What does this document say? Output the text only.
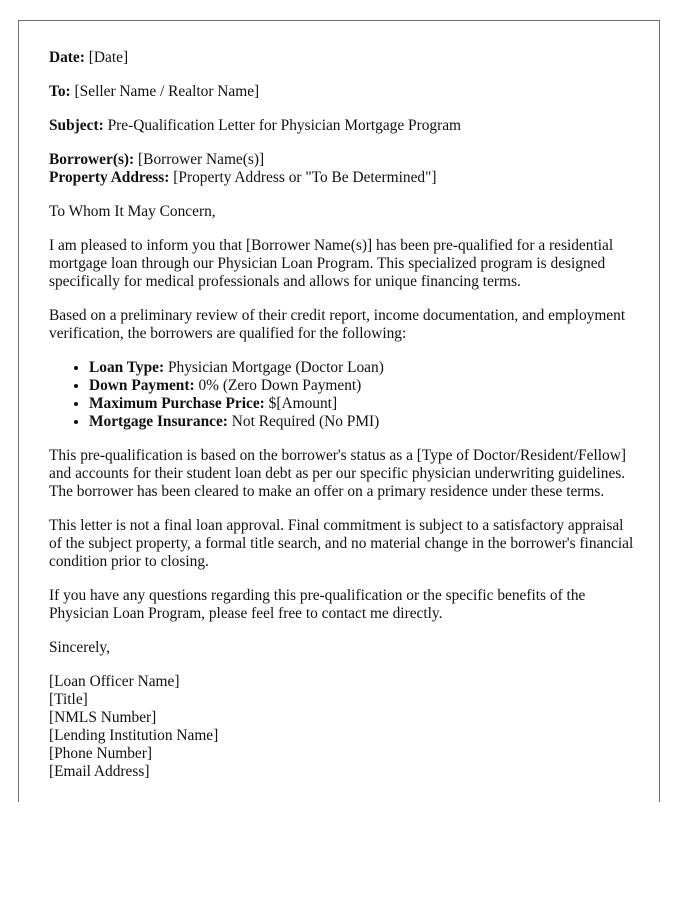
Date: [Date]

To: [Seller Name / Realtor Name]

Subject: Pre-Qualification Letter for Physician Mortgage Program

Borrower(s): [Borrower Name(s)]

Property Address: [Property Address or "To Be Determined"]

To Whom It May Concern,

I am pleased to inform you that [Borrower Name(s)] has been pre-qualified for a residential mortgage loan through our Physician Loan Program. This specialized program is designed specifically for medical professionals and allows for unique financing terms.

Based on a preliminary review of their credit report, income documentation, and employment verification, the borrowers are qualified for the following:

• Loan Type: Physician Mortgage (Doctor Loan)
• Down Payment: 0% (Zero Down Payment)
• Maximum Purchase Price: $[Amount]
• Mortgage Insurance: Not Required (No PMI)

This pre-qualification is based on the borrower's status as a [Type of Doctor/Resident/Fellow] and accounts for their student loan debt as per our specific physician underwriting guidelines. The borrower has been cleared to make an offer on a primary residence under these terms.

This letter is not a final loan approval. Final commitment is subject to a satisfactory appraisal of the subject property, a formal title search, and no material change in the borrower's financial condition prior to closing.

If you have any questions regarding this pre-qualification or the specific benefits of the Physician Loan Program, please feel free to contact me directly.

Sincerely,

[Loan Officer Name]
[Title]
[NMLS Number]
[Lending Institution Name]
[Phone Number]
[Email Address]
